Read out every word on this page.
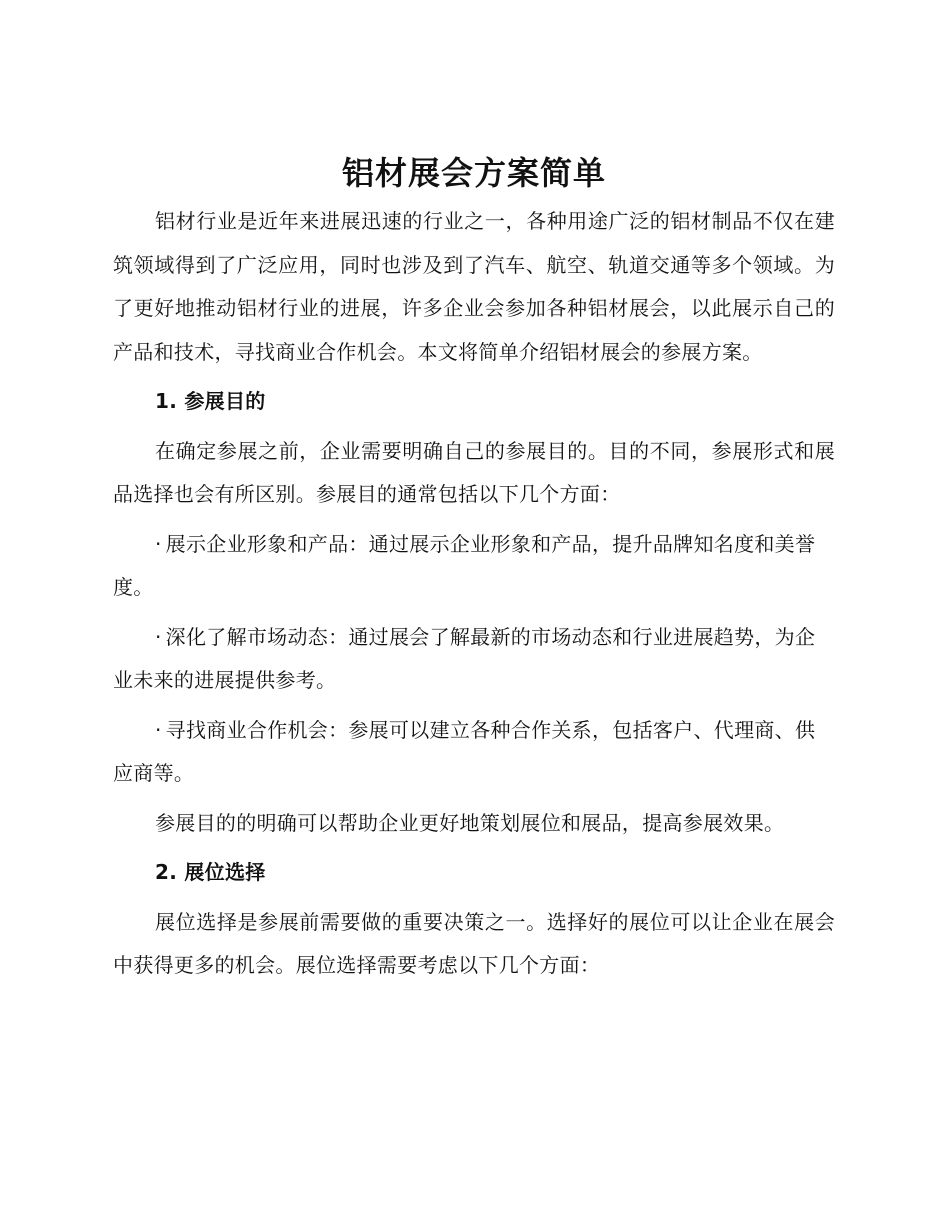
铝材展会方案简单

铝材行业是近年来进展迅速的行业之一，各种用途广泛的铝材制品不仅在建筑领域得到了广泛应用，同时也涉及到了汽车、航空、轨道交通等多个领域。为了更好地推动铝材行业的进展，许多企业会参加各种铝材展会，以此展示自己的产品和技术，寻找商业合作机会。本文将简单介绍铝材展会的参展方案。

1. 参展目的

在确定参展之前，企业需要明确自己的参展目的。目的不同，参展形式和展品选择也会有所区别。参展目的通常包括以下几个方面：

· 展示企业形象和产品：通过展示企业形象和产品，提升品牌知名度和美誉度。

· 深化了解市场动态：通过展会了解最新的市场动态和行业进展趋势，为企业未来的进展提供参考。

· 寻找商业合作机会：参展可以建立各种合作关系，包括客户、代理商、供应商等。

参展目的的明确可以帮助企业更好地策划展位和展品，提高参展效果。

2. 展位选择

展位选择是参展前需要做的重要决策之一。选择好的展位可以让企业在展会中获得更多的机会。展位选择需要考虑以下几个方面：
